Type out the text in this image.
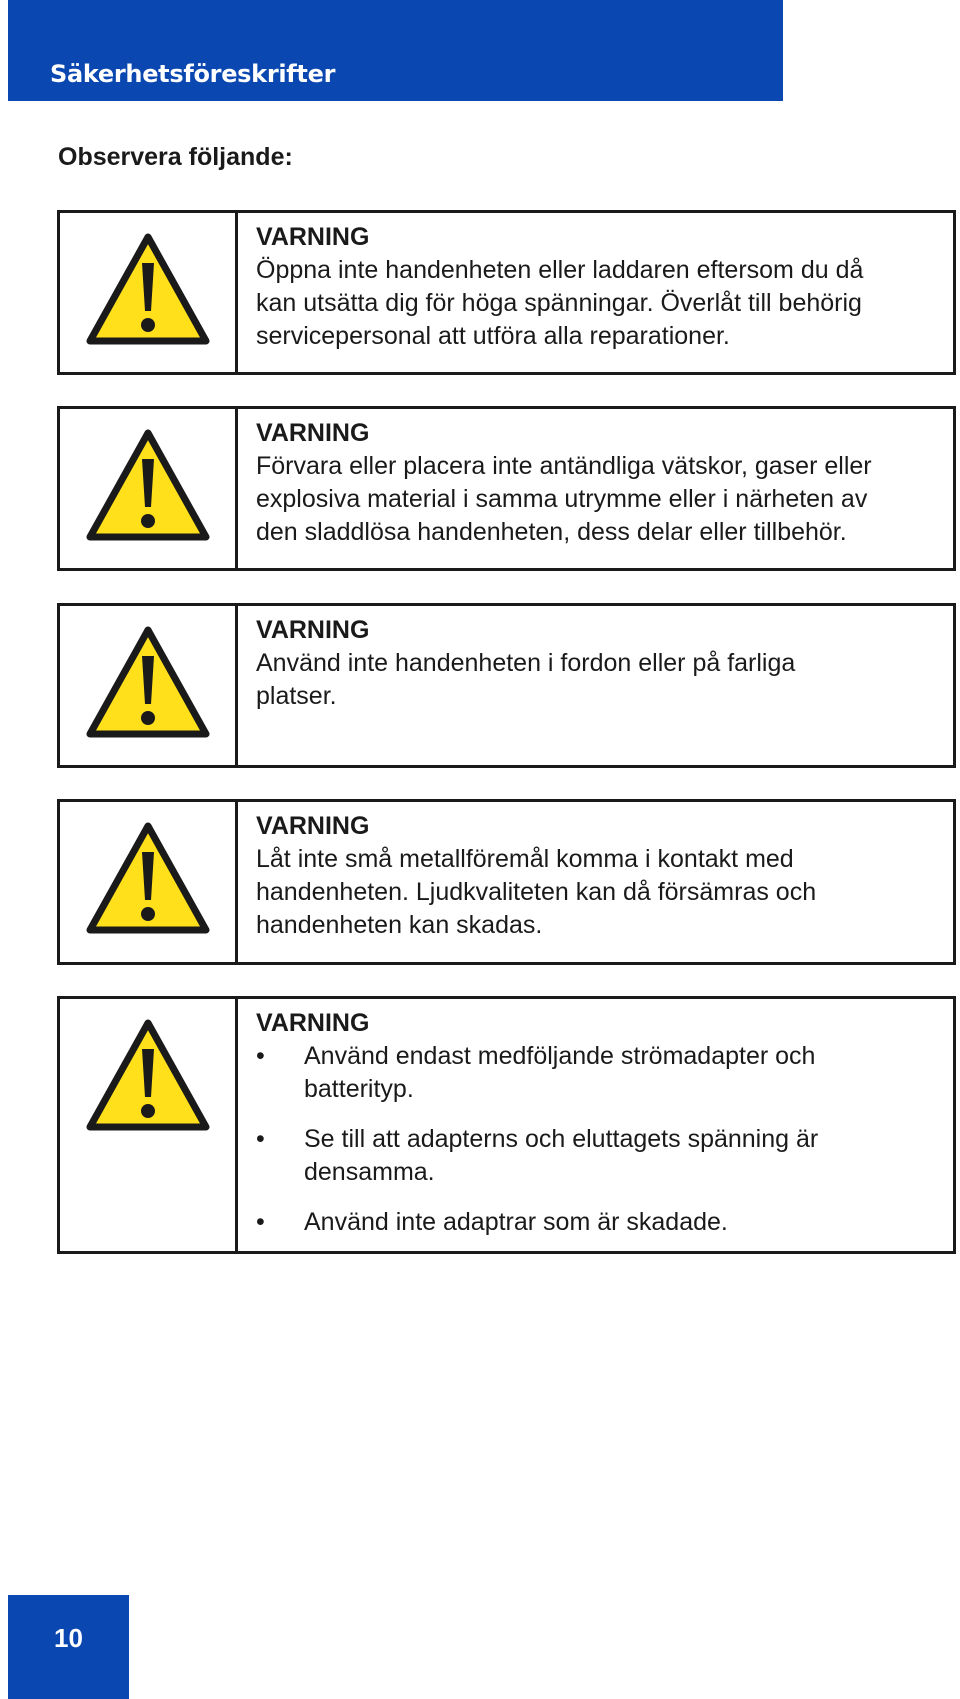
Säkerhetsföreskrifter
Observera följande:
VARNING
Öppna inte handenheten eller laddaren eftersom du då
kan utsätta dig för höga spänningar. Överlåt till behörig
servicepersonal att utföra alla reparationer.
VARNING
Förvara eller placera inte antändliga vätskor, gaser eller
explosiva material i samma utrymme eller i närheten av
den sladdlösa handenheten, dess delar eller tillbehör.
VARNING
Använd inte handenheten i fordon eller på farliga
platser.
VARNING
Låt inte små metallföremål komma i kontakt med
handenheten. Ljudkvaliteten kan då försämras och
handenheten kan skadas.
VARNING
• Använd endast medföljande strömadapter och
batterityp.
• Se till att adapterns och eluttagets spänning är
densamma.
• Använd inte adaptrar som är skadade.
10
